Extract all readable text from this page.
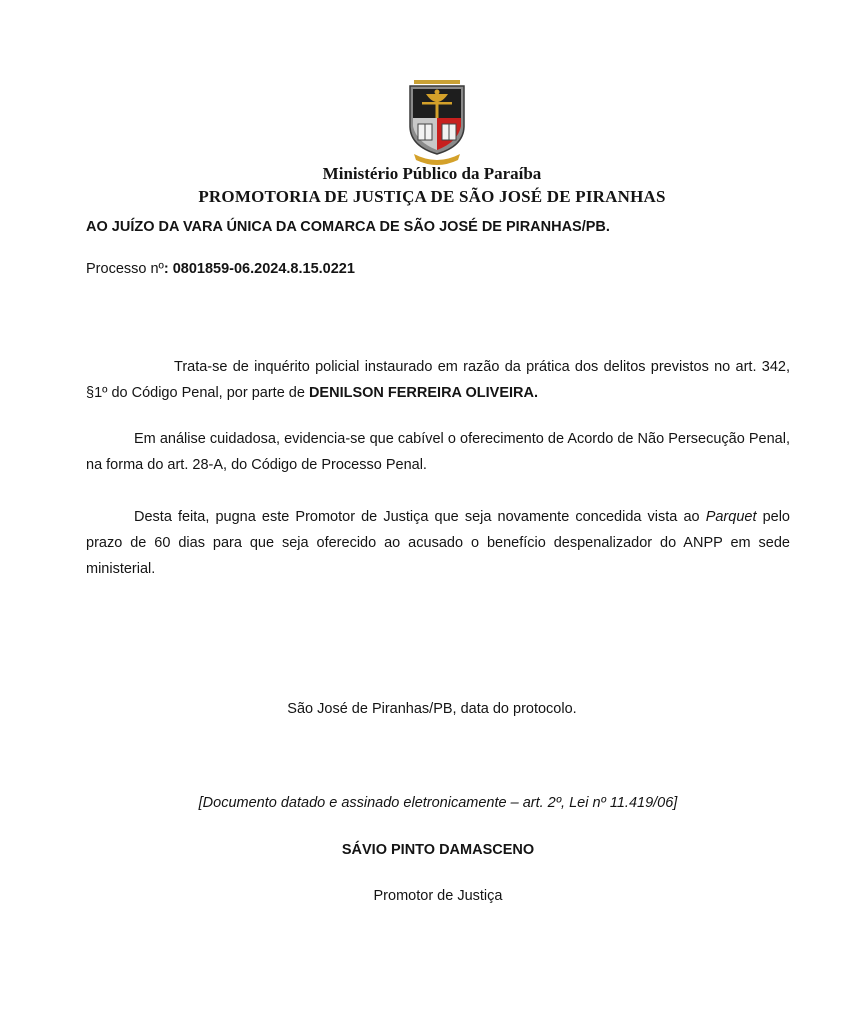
Ministério Público da Paraíba
PROMOTORIA DE JUSTIÇA DE SÃO JOSÉ DE PIRANHAS
AO JUÍZO DA VARA ÚNICA DA COMARCA DE SÃO JOSÉ DE PIRANHAS/PB.
Processo nº: 0801859-06.2024.8.15.0221
Trata-se de inquérito policial instaurado em razão da prática dos delitos previstos no art. 342, §1º do Código Penal, por parte de DENILSON FERREIRA OLIVEIRA.
Em análise cuidadosa, evidencia-se que cabível o oferecimento de Acordo de Não Persecução Penal, na forma do art. 28-A, do Código de Processo Penal.
Desta feita, pugna este Promotor de Justiça que seja novamente concedida vista ao Parquet pelo prazo de 60 dias para que seja oferecido ao acusado o benefício despenalizador do ANPP em sede ministerial.
São José de Piranhas/PB, data do protocolo.
[Documento datado e assinado eletronicamente – art. 2º, Lei nº 11.419/06]
SÁVIO PINTO DAMASCENO
Promotor de Justiça
